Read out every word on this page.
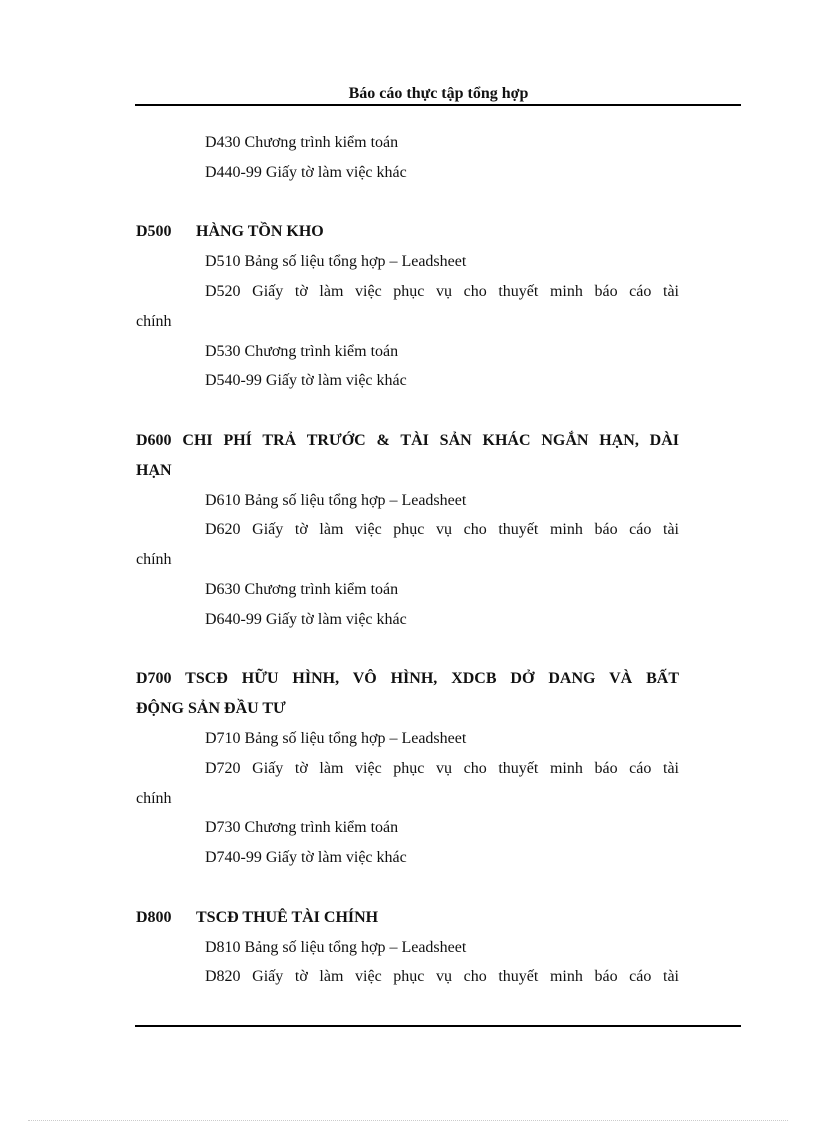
Báo cáo thực tập tổng hợp
D430 Chương trình kiểm toán
D440-99 Giấy tờ làm việc khác
D500 HÀNG TỒN KHO
D510 Bảng số liệu tổng hợp – Leadsheet
D520 Giấy tờ làm việc phục vụ cho thuyết minh báo cáo tài
chính
D530 Chương trình kiểm toán
D540-99 Giấy tờ làm việc khác
D600 CHI PHÍ TRẢ TRƯỚC & TÀI SẢN KHÁC NGẮN HẠN, DÀI
HẠN
D610 Bảng số liệu tổng hợp – Leadsheet
D620 Giấy tờ làm việc phục vụ cho thuyết minh báo cáo tài
chính
D630 Chương trình kiểm toán
D640-99 Giấy tờ làm việc khác
D700 TSCĐ HỮU HÌNH, VÔ HÌNH, XDCB DỞ DANG VÀ BẤT
ĐỘNG SẢN ĐẦU TƯ
D710 Bảng số liệu tổng hợp – Leadsheet
D720 Giấy tờ làm việc phục vụ cho thuyết minh báo cáo tài
chính
D730 Chương trình kiểm toán
D740-99 Giấy tờ làm việc khác
D800 TSCĐ THUÊ TÀI CHÍNH
D810 Bảng số liệu tổng hợp – Leadsheet
D820 Giấy tờ làm việc phục vụ cho thuyết minh báo cáo tài
